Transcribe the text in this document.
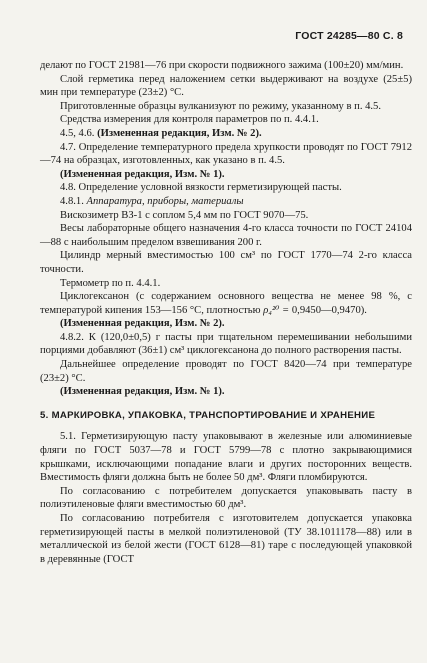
ГОСТ 24285—80 С. 8

делают по ГОСТ 21981—76 при скорости подвижного зажима (100±20) мм/мин.

Слой герметика перед наложением сетки выдерживают на воздухе (25±5) мин при температуре (23±2) °С.

Приготовленные образцы вулканизуют по режиму, указанному в п. 4.5.

Средства измерения для контроля параметров по п. 4.4.1.

4.5, 4.6. (Измененная редакция, Изм. № 2).

4.7. Определение температурного предела хрупкости проводят по ГОСТ 7912—74 на образцах, изготовленных, как указано в п. 4.5.

(Измененная редакция, Изм. № 1).

4.8. Определение условной вязкости герметизирующей пасты.

4.8.1. Аппаратура, приборы, материалы

Вискозиметр ВЗ-1 с соплом 5,4 мм по ГОСТ 9070—75.

Весы лабораторные общего назначения 4-го класса точности по ГОСТ 24104—88 с наибольшим пределом взвешивания 200 г.

Цилиндр мерный вместимостью 100 см³ по ГОСТ 1770—74 2-го класса точности.

Термометр по п. 4.4.1.

Циклогексанон (с содержанием основного вещества не менее 98 %, с температурой кипения 153—156 °С, плотностью ρ₄²⁰ = 0,9450—0,9470).

(Измененная редакция, Изм. № 2).

4.8.2. К (120,0±0,5) г пасты при тщательном перемешивании небольшими порциями добавляют (36±1) см³ циклогексанона до полного растворения пасты.

Дальнейшее определение проводят по ГОСТ 8420—74 при температуре (23±2) °С.

(Измененная редакция, Изм. № 1).

5. МАРКИРОВКА, УПАКОВКА, ТРАНСПОРТИРОВАНИЕ И ХРАНЕНИЕ

5.1. Герметизирующую пасту упаковывают в железные или алюминиевые фляги по ГОСТ 5037—78 и ГОСТ 5799—78 с плотно закрывающимися крышками, исключающими попадание влаги и других посторонних веществ. Вместимость фляги должна быть не более 50 дм³. Фляги пломбируются.

По согласованию с потребителем допускается упаковывать пасту в полиэтиленовые фляги вместимостью 60 дм³.

По согласованию потребителя с изготовителем допускается упаковка герметизирующей пасты в мелкой полиэтиленовой (ТУ 38.1011178—88) или в металлической из белой жести (ГОСТ 6128—81) таре с последующей упаковкой в деревянные (ГОСТ
